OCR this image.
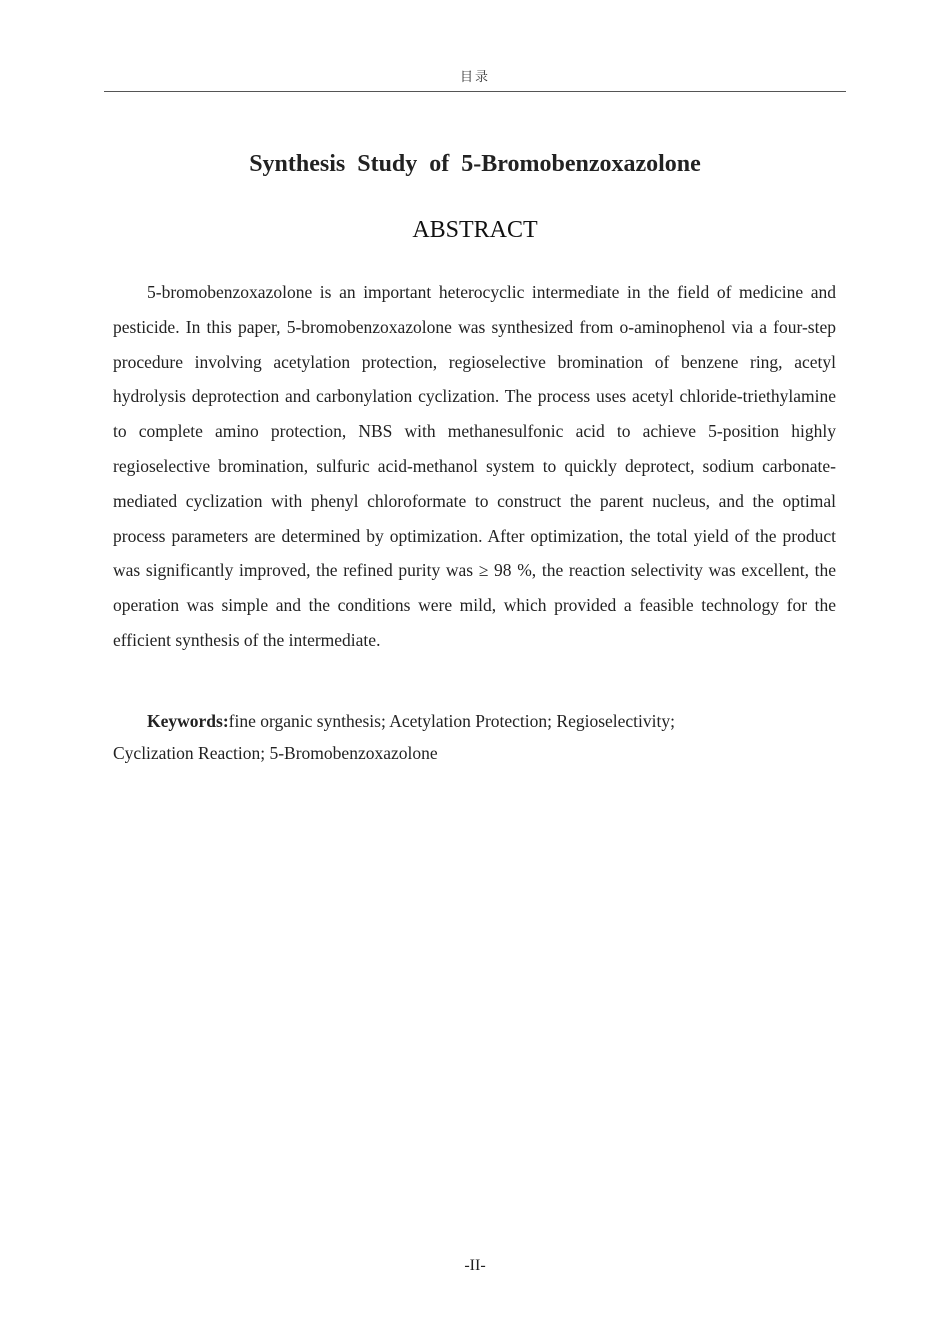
目录
Synthesis Study of 5-Bromobenzoxazolone
ABSTRACT

5-bromobenzoxazolone is an important heterocyclic intermediate in the field of medicine and pesticide. In this paper, 5-bromobenzoxazolone was synthesized from o-aminophenol via a four-step procedure involving acetylation protection, regioselective bromination of benzene ring, acetyl hydrolysis deprotection and carbonylation cyclization. The process uses acetyl chloride-triethylamine to complete amino protection, NBS with methanesulfonic acid to achieve 5-position highly regioselective bromination, sulfuric acid-methanol system to quickly deprotect, sodium carbonate-mediated cyclization with phenyl chloroformate to construct the parent nucleus, and the optimal process parameters are determined by optimization. After optimization, the total yield of the product was significantly improved, the refined purity was ≥ 98 %, the reaction selectivity was excellent, the operation was simple and the conditions were mild, which provided a feasible technology for the efficient synthesis of the intermediate.

Keywords:fine organic synthesis; Acetylation Protection; Regioselectivity; Cyclization Reaction; 5-Bromobenzoxazolone

-II-
